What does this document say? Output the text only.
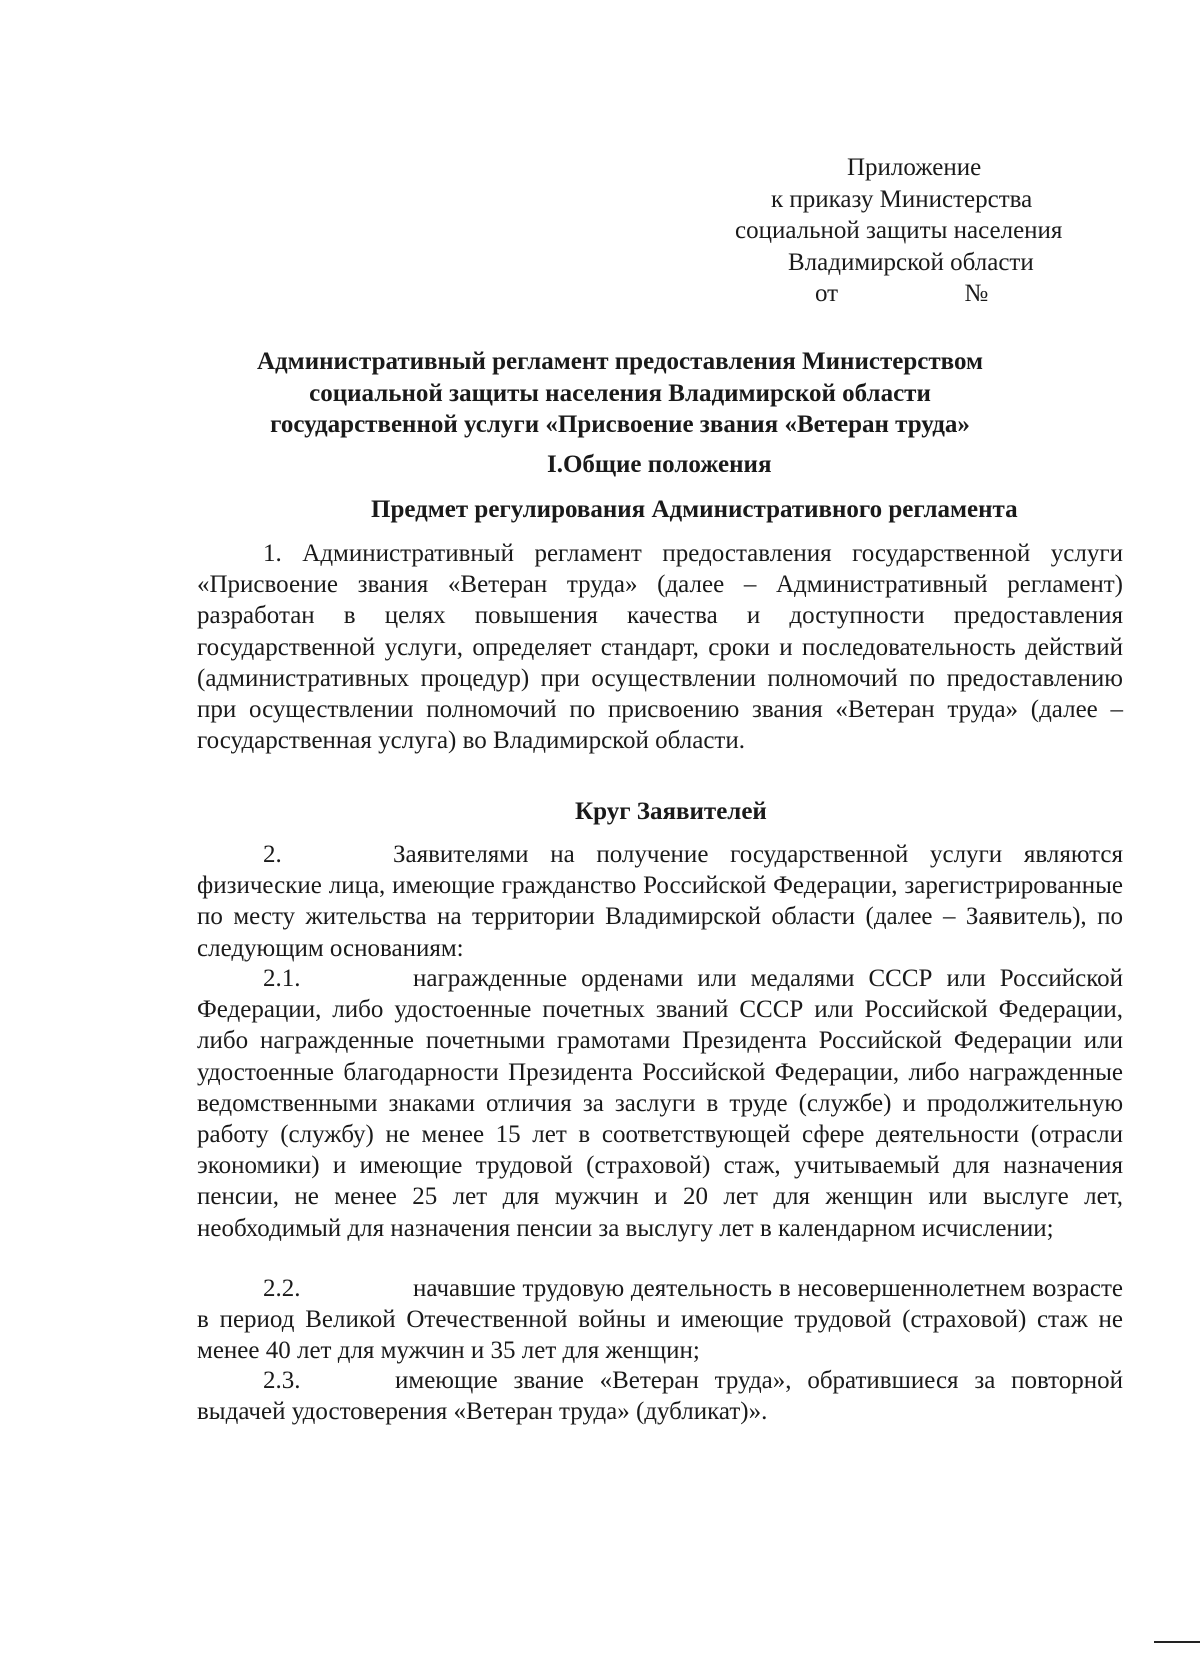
Приложение
к приказу Министерства
социальной защиты населения
Владимирской области
от	№
Административный регламент предоставления Министерством
социальной защиты населения Владимирской области
государственной услуги «Присвоение звания «Ветеран труда»
I.Общие положения
Предмет регулирования Административного регламента
1. Административный регламент предоставления государственной услуги «Присвоение звания «Ветеран труда» (далее – Административный регламент) разработан в целях повышения качества и доступности предоставления государственной услуги, определяет стандарт, сроки и последовательность действий (административных процедур) при осуществлении полномочий по предоставлению при осуществлении полномочий по присвоению звания «Ветеран труда» (далее – государственная услуга) во Владимирской области.
Круг Заявителей
2.	Заявителями на получение государственной услуги являются физические лица, имеющие гражданство Российской Федерации, зарегистрированные по месту жительства на территории Владимирской области (далее – Заявитель), по следующим основаниям:
2.1.	награжденные орденами или медалями СССР или Российской Федерации, либо удостоенные почетных званий СССР или Российской Федерации, либо награжденные почетными грамотами Президента Российской Федерации или удостоенные благодарности Президента Российской Федерации, либо награжденные ведомственными знаками отличия за заслуги в труде (службе) и продолжительную работу (службу) не менее 15 лет в соответствующей сфере деятельности (отрасли экономики) и имеющие трудовой (страховой) стаж, учитываемый для назначения пенсии, не менее 25 лет для мужчин и 20 лет для женщин или выслуге лет, необходимый для назначения пенсии за выслугу лет в календарном исчислении;
2.2.	начавшие трудовую деятельность в несовершеннолетнем возрасте в период Великой Отечественной войны и имеющие трудовой (страховой) стаж не менее 40 лет для мужчин и 35 лет для женщин;
2.3.	имеющие звание «Ветеран труда», обратившиеся за повторной выдачей удостоверения «Ветеран труда» (дубликат)».
